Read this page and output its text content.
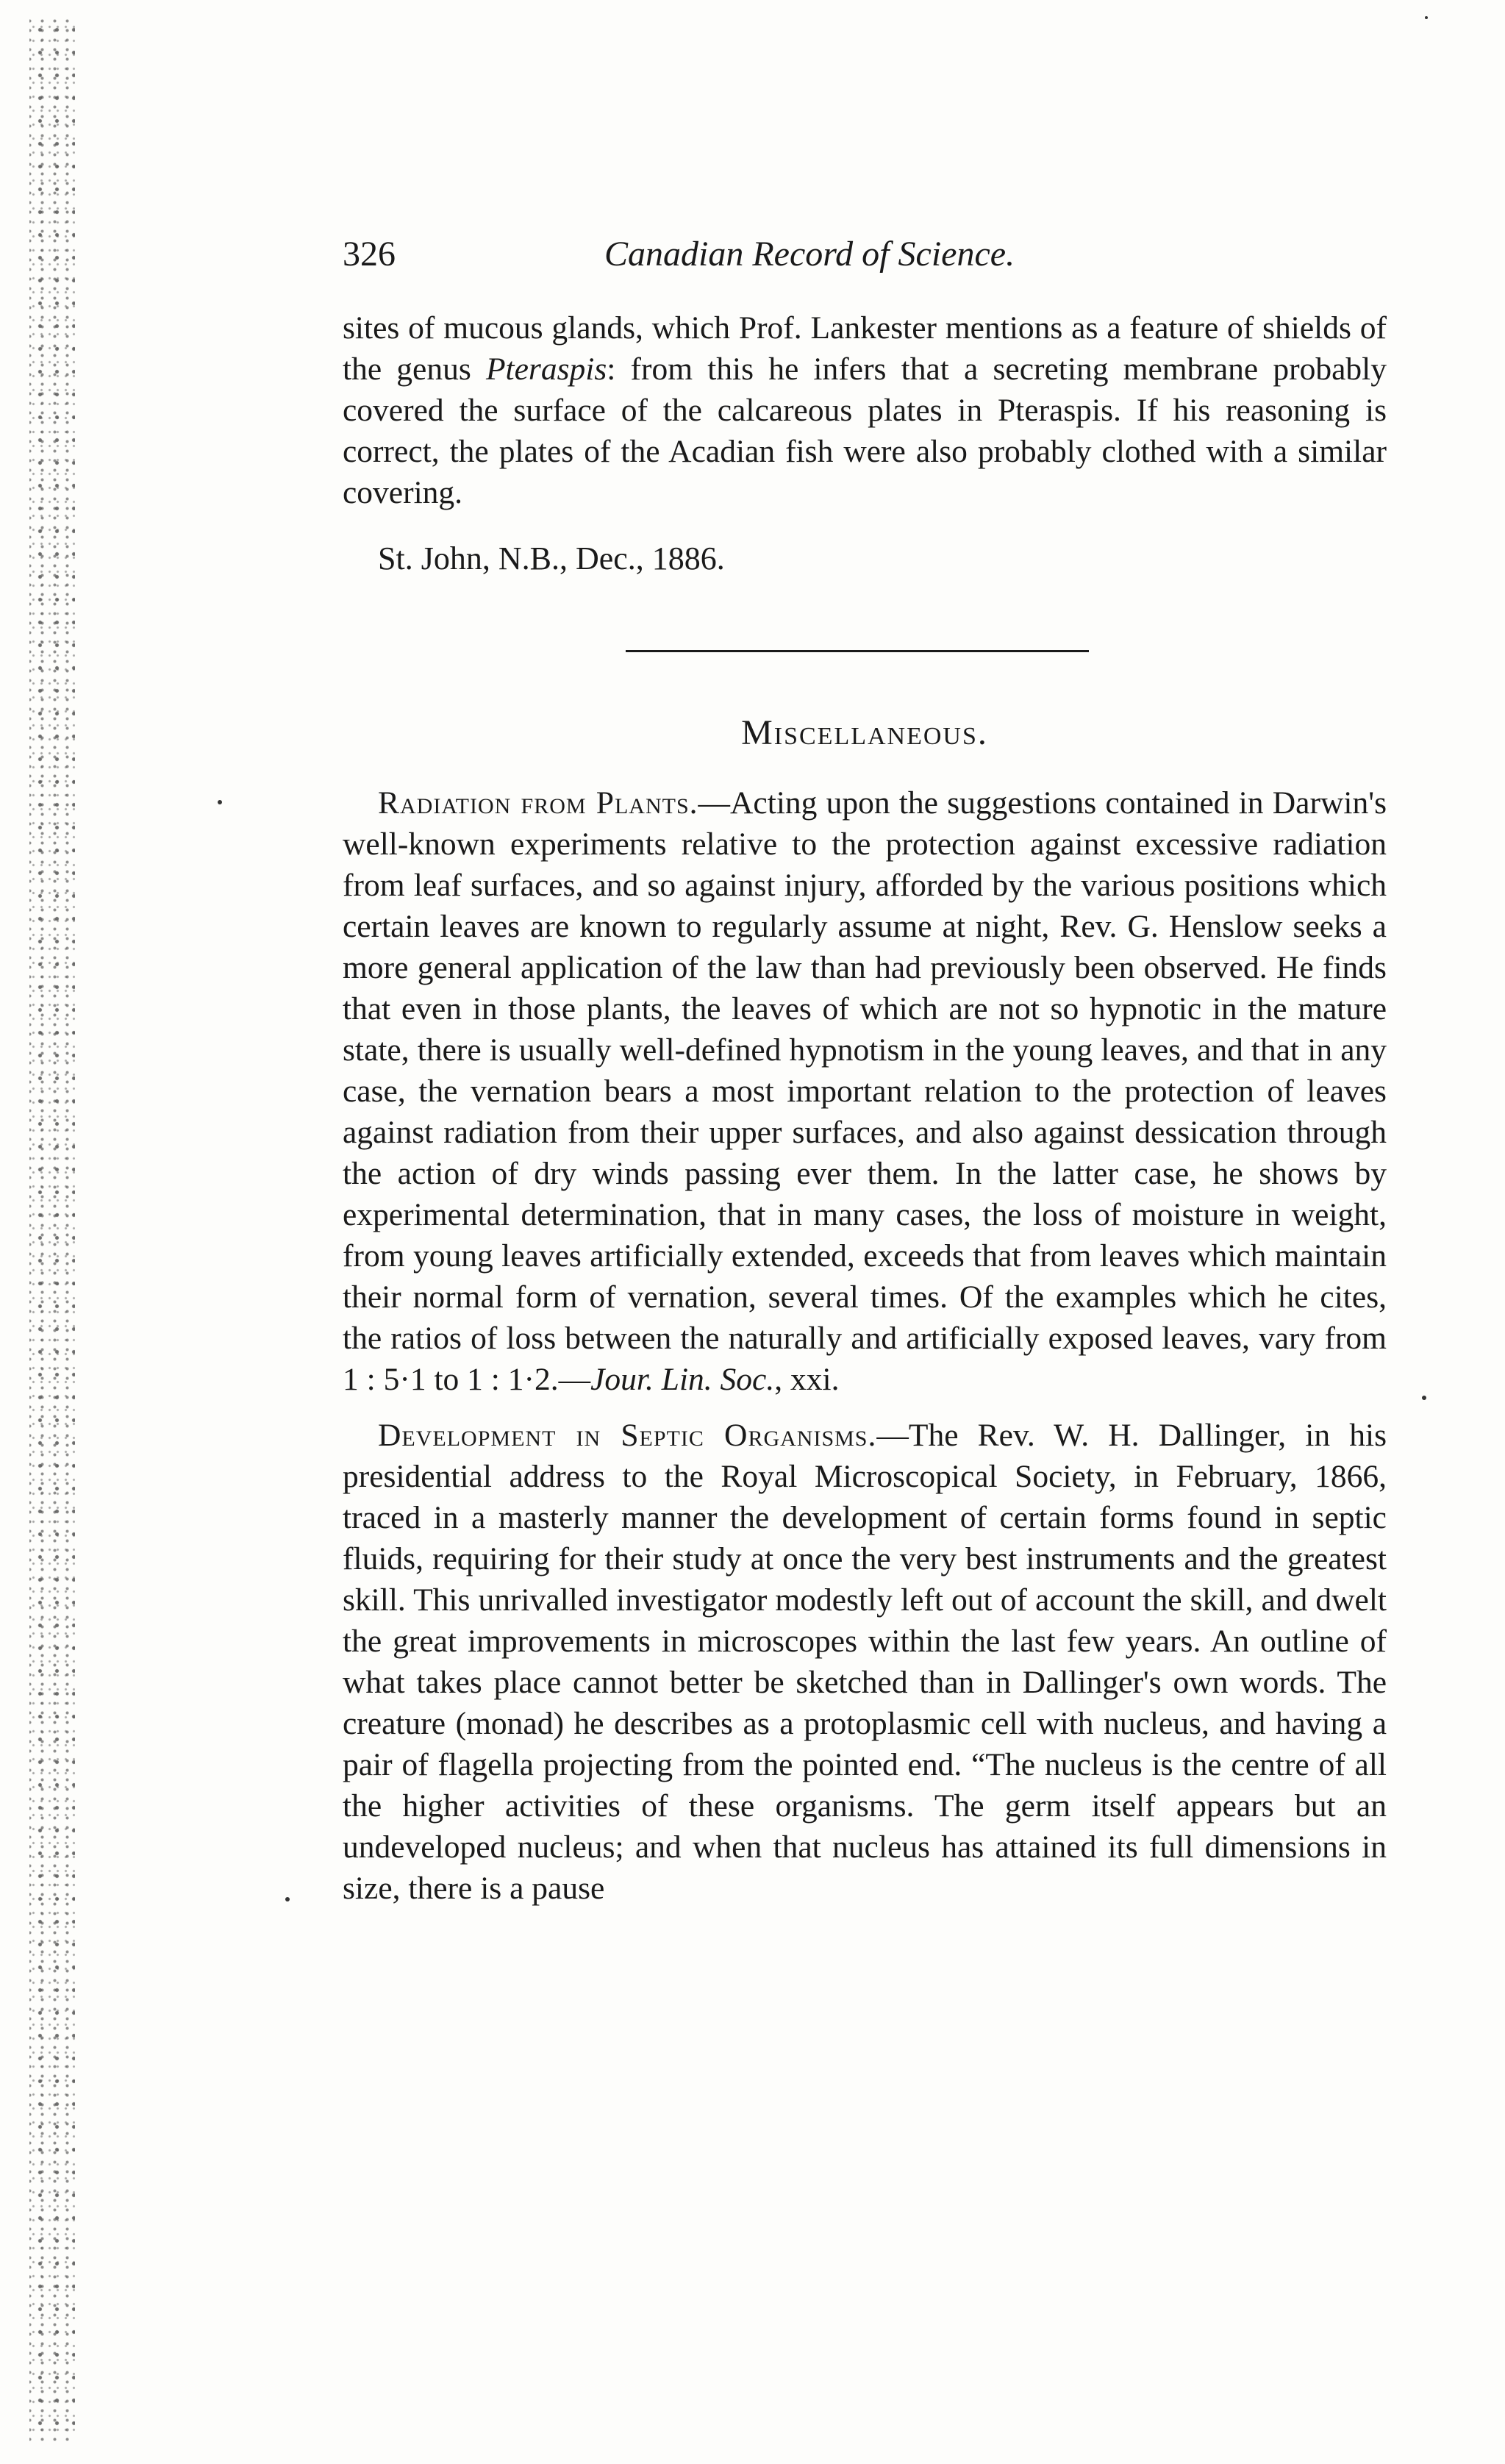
326	Canadian Record of Science.

sites of mucous glands, which Prof. Lankester mentions as a feature of shields of the genus Pteraspis: from this he infers that a secreting membrane probably covered the surface of the calcareous plates in Pteraspis. If his reasoning is correct, the plates of the Acadian fish were also probably clothed with a similar covering.

St. John, N.B., Dec., 1886.
Miscellaneous.

Radiation from Plants.—Acting upon the suggestions contained in Darwin's well-known experiments relative to the protection against excessive radiation from leaf surfaces, and so against injury, afforded by the various positions which certain leaves are known to regularly assume at night, Rev. G. Henslow seeks a more general application of the law than had previously been observed. He finds that even in those plants, the leaves of which are not so hypnotic in the mature state, there is usually well-defined hypnotism in the young leaves, and that in any case, the vernation bears a most important relation to the protection of leaves against radiation from their upper surfaces, and also against dessication through the action of dry winds passing ever them. In the latter case, he shows by experimental determination, that in many cases, the loss of moisture in weight, from young leaves artificially extended, exceeds that from leaves which maintain their normal form of vernation, several times. Of the examples which he cites, the ratios of loss between the naturally and artificially exposed leaves, vary from 1 : 5·1 to 1 : 1·2.—Jour. Lin. Soc., xxi.

Development in Septic Organisms.—The Rev. W. H. Dallinger, in his presidential address to the Royal Microscopical Society, in February, 1866, traced in a masterly manner the development of certain forms found in septic fluids, requiring for their study at once the very best instruments and the greatest skill. This unrivalled investigator modestly left out of account the skill, and dwelt the great improvements in microscopes within the last few years. An outline of what takes place cannot better be sketched than in Dallinger's own words. The creature (monad) he describes as a protoplasmic cell with nucleus, and having a pair of flagella projecting from the pointed end. “The nucleus is the centre of all the higher activities of these organisms. The germ itself appears but an undeveloped nucleus; and when that nucleus has attained its full dimensions in size, there is a pause
